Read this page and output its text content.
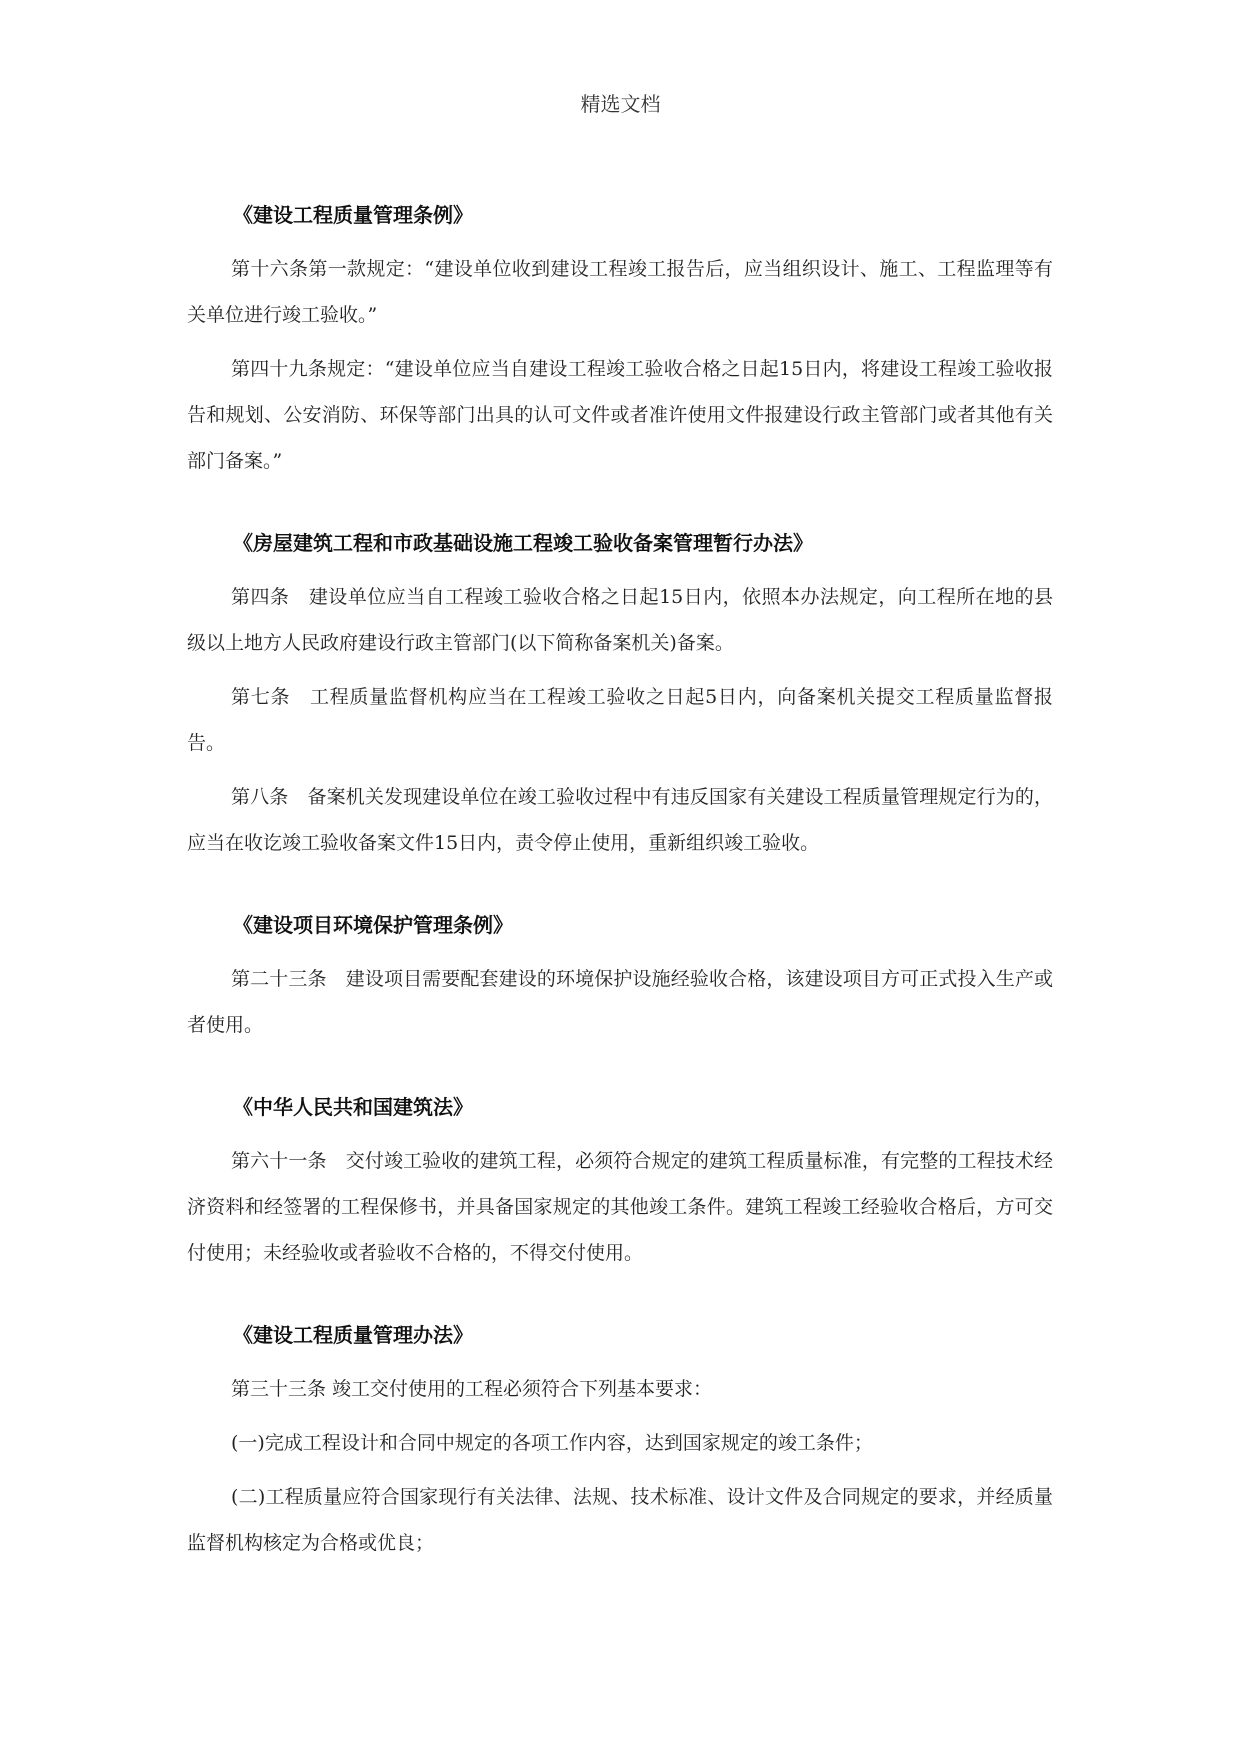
精选文档
《建设工程质量管理条例》

第十六条第一款规定：“建设单位收到建设工程竣工报告后，应当组织设计、施工、工程监理等有关单位进行竣工验收。”

第四十九条规定：“建设单位应当自建设工程竣工验收合格之日起15日内，将建设工程竣工验收报告和规划、公安消防、环保等部门出具的认可文件或者准许使用文件报建设行政主管部门或者其他有关部门备案。”

《房屋建筑工程和市政基础设施工程竣工验收备案管理暂行办法》

第四条　建设单位应当自工程竣工验收合格之日起15日内，依照本办法规定，向工程所在地的县级以上地方人民政府建设行政主管部门(以下简称备案机关)备案。

第七条　工程质量监督机构应当在工程竣工验收之日起5日内，向备案机关提交工程质量监督报告。

第八条　备案机关发现建设单位在竣工验收过程中有违反国家有关建设工程质量管理规定行为的，应当在收讫竣工验收备案文件15日内，责令停止使用，重新组织竣工验收。

《建设项目环境保护管理条例》

第二十三条　建设项目需要配套建设的环境保护设施经验收合格，该建设项目方可正式投入生产或者使用。

《中华人民共和国建筑法》

第六十一条　交付竣工验收的建筑工程，必须符合规定的建筑工程质量标准，有完整的工程技术经济资料和经签署的工程保修书，并具备国家规定的其他竣工条件。建筑工程竣工经验收合格后，方可交付使用；未经验收或者验收不合格的，不得交付使用。

《建设工程质量管理办法》

第三十三条 竣工交付使用的工程必须符合下列基本要求：

(一)完成工程设计和合同中规定的各项工作内容，达到国家规定的竣工条件；

(二)工程质量应符合国家现行有关法律、法规、技术标准、设计文件及合同规定的要求，并经质量监督机构核定为合格或优良；
